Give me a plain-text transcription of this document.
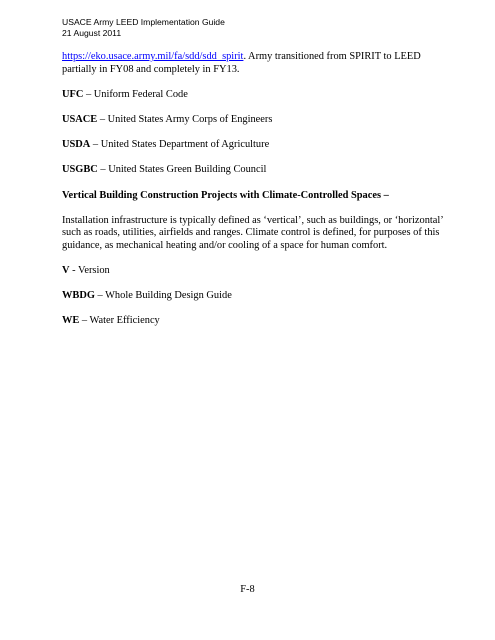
USACE Army LEED Implementation Guide
21 August 2011

https://eko.usace.army.mil/fa/sdd/sdd_spirit. Army transitioned from SPIRIT to LEED partially in FY08 and completely in FY13.

UFC – Uniform Federal Code

USACE – United States Army Corps of Engineers

USDA – United States Department of Agriculture

USGBC – United States Green Building Council

Vertical Building Construction Projects with Climate-Controlled Spaces –

Installation infrastructure is typically defined as ‘vertical’, such as buildings, or ‘horizontal’ such as roads, utilities, airfields and ranges. Climate control is defined, for purposes of this guidance, as mechanical heating and/or cooling of a space for human comfort.

V - Version

WBDG – Whole Building Design Guide

WE – Water Efficiency

F-8
